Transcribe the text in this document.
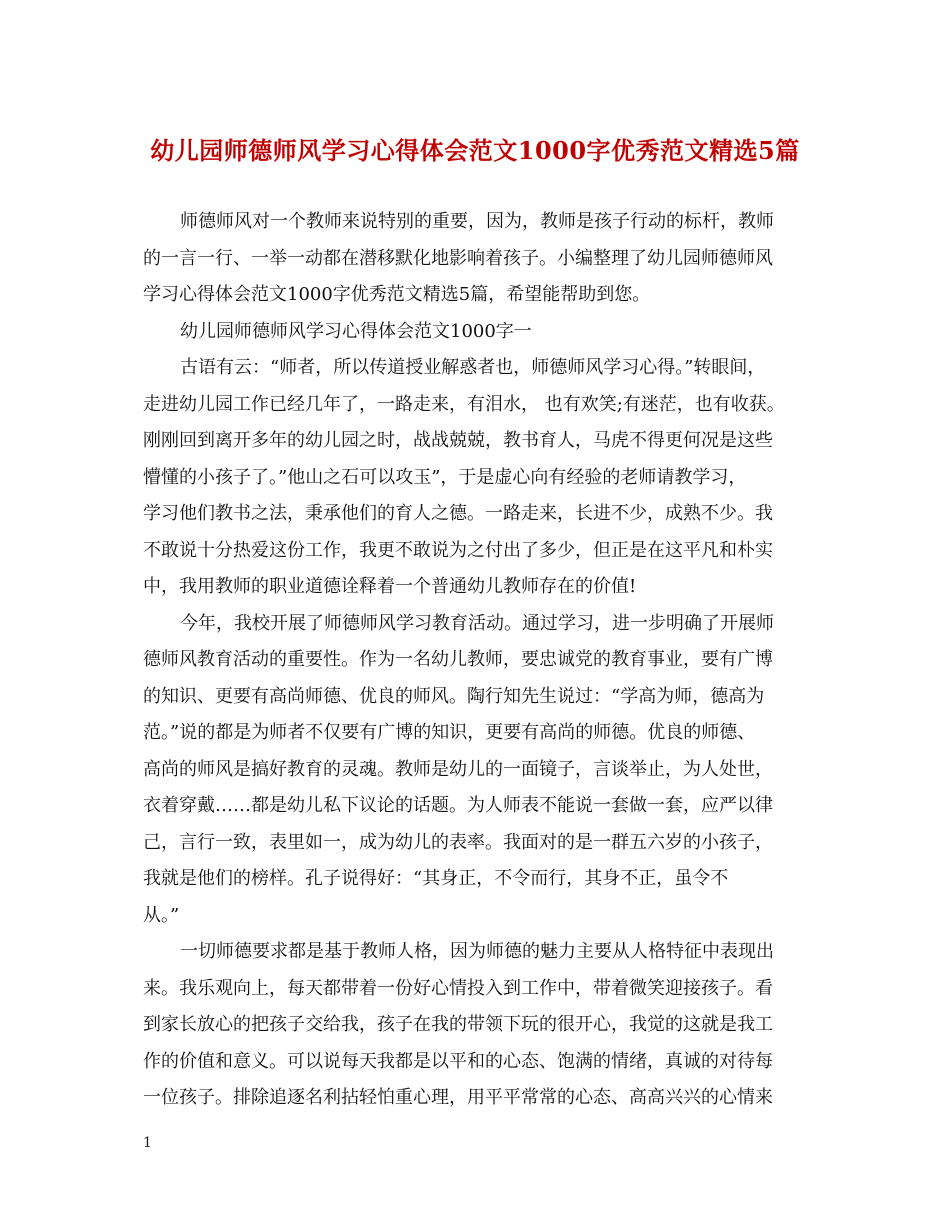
幼儿园师德师风学习心得体会范文1000字优秀范文精选5篇
师德师风对一个教师来说特别的重要，因为，教师是孩子行动的标杆，教师
的一言一行、一举一动都在潜移默化地影响着孩子。小编整理了幼儿园师德师风
学习心得体会范文1000字优秀范文精选5篇，希望能帮助到您。
幼儿园师德师风学习心得体会范文1000字一
古语有云：“师者，所以传道授业解惑者也，师德师风学习心得。”转眼间，
走进幼儿园工作已经几年了，一路走来，有泪水， 也有欢笑;有迷茫，也有收获。
刚刚回到离开多年的幼儿园之时，战战兢兢，教书育人，马虎不得更何况是这些
懵懂的小孩子了。”他山之石可以攻玉”，于是虚心向有经验的老师请教学习，
学习他们教书之法，秉承他们的育人之德。一路走来，长进不少，成熟不少。我
不敢说十分热爱这份工作，我更不敢说为之付出了多少，但正是在这平凡和朴实
中，我用教师的职业道德诠释着一个普通幼儿教师存在的价值!
今年，我校开展了师德师风学习教育活动。通过学习，进一步明确了开展师
德师风教育活动的重要性。作为一名幼儿教师，要忠诚党的教育事业，要有广博
的知识、更要有高尚师德、优良的师风。陶行知先生说过：“学高为师，德高为
范。”说的都是为师者不仅要有广博的知识，更要有高尚的师德。优良的师德、
高尚的师风是搞好教育的灵魂。教师是幼儿的一面镜子，言谈举止，为人处世，
衣着穿戴……都是幼儿私下议论的话题。为人师表不能说一套做一套，应严以律
己，言行一致，表里如一，成为幼儿的表率。我面对的是一群五六岁的小孩子，
我就是他们的榜样。孔子说得好：“其身正，不令而行，其身不正，虽令不
从。”
一切师德要求都是基于教师人格，因为师德的魅力主要从人格特征中表现出
来。我乐观向上，每天都带着一份好心情投入到工作中，带着微笑迎接孩子。看
到家长放心的把孩子交给我，孩子在我的带领下玩的很开心，我觉的这就是我工
作的价值和意义。可以说每天我都是以平和的心态、饱满的情绪，真诚的对待每
一位孩子。排除追逐名利拈轻怕重心理，用平平常常的心态、高高兴兴的心情来
1
